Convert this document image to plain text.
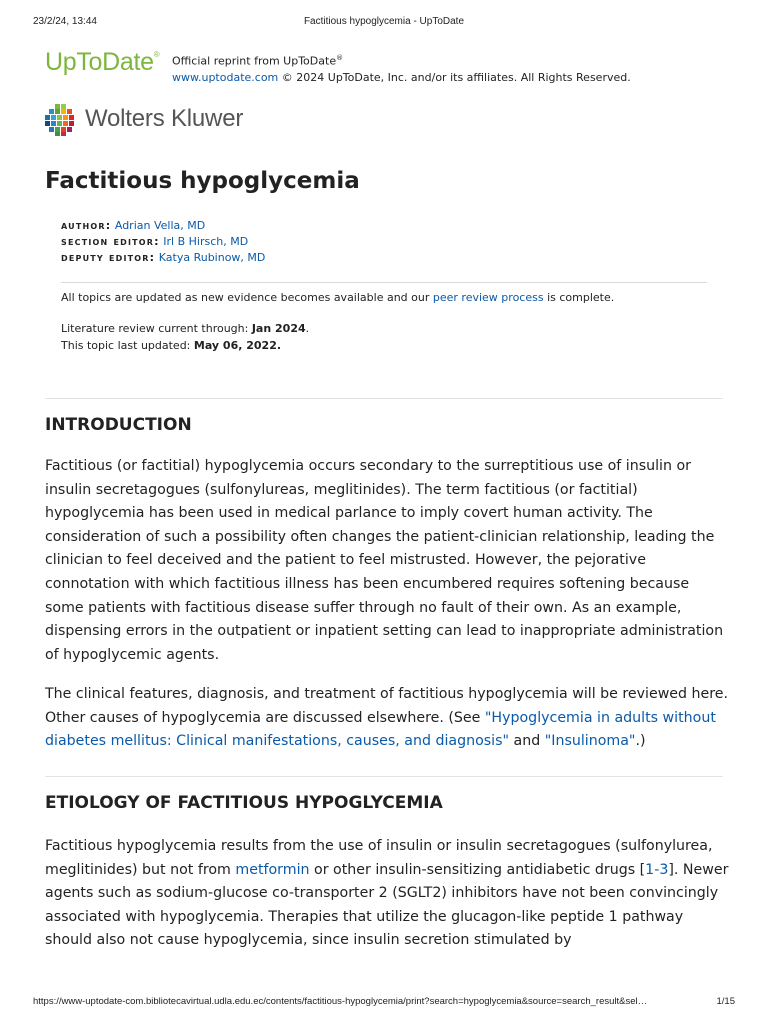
23/2/24, 13:44	Factitious hypoglycemia - UpToDate
UpToDate®
Official reprint from UpToDate®
www.uptodate.com © 2024 UpToDate, Inc. and/or its affiliates. All Rights Reserved.
Wolters Kluwer
Factitious hypoglycemia
author: Adrian Vella, MD
section editor: Irl B Hirsch, MD
deputy editor: Katya Rubinow, MD
All topics are updated as new evidence becomes available and our peer review process is complete.
Literature review current through: Jan 2024.
This topic last updated: May 06, 2022.
INTRODUCTION

Factitious (or factitial) hypoglycemia occurs secondary to the surreptitious use of insulin or insulin secretagogues (sulfonylureas, meglitinides). The term factitious (or factitial) hypoglycemia has been used in medical parlance to imply covert human activity. The consideration of such a possibility often changes the patient-clinician relationship, leading the clinician to feel deceived and the patient to feel mistrusted. However, the pejorative connotation with which factitious illness has been encumbered requires softening because some patients with factitious disease suffer through no fault of their own. As an example, dispensing errors in the outpatient or inpatient setting can lead to inappropriate administration of hypoglycemic agents.

The clinical features, diagnosis, and treatment of factitious hypoglycemia will be reviewed here. Other causes of hypoglycemia are discussed elsewhere. (See "Hypoglycemia in adults without diabetes mellitus: Clinical manifestations, causes, and diagnosis" and "Insulinoma".)

ETIOLOGY OF FACTITIOUS HYPOGLYCEMIA

Factitious hypoglycemia results from the use of insulin or insulin secretagogues (sulfonylurea, meglitinides) but not from metformin or other insulin-sensitizing antidiabetic drugs [1-3]. Newer agents such as sodium-glucose co-transporter 2 (SGLT2) inhibitors have not been convincingly associated with hypoglycemia. Therapies that utilize the glucagon-like peptide 1 pathway should also not cause hypoglycemia, since insulin secretion stimulated by

https://www-uptodate-com.bibliotecavirtual.udla.edu.ec/contents/factitious-hypoglycemia/print?search=hypoglycemia&source=search_result&sel…	1/15
